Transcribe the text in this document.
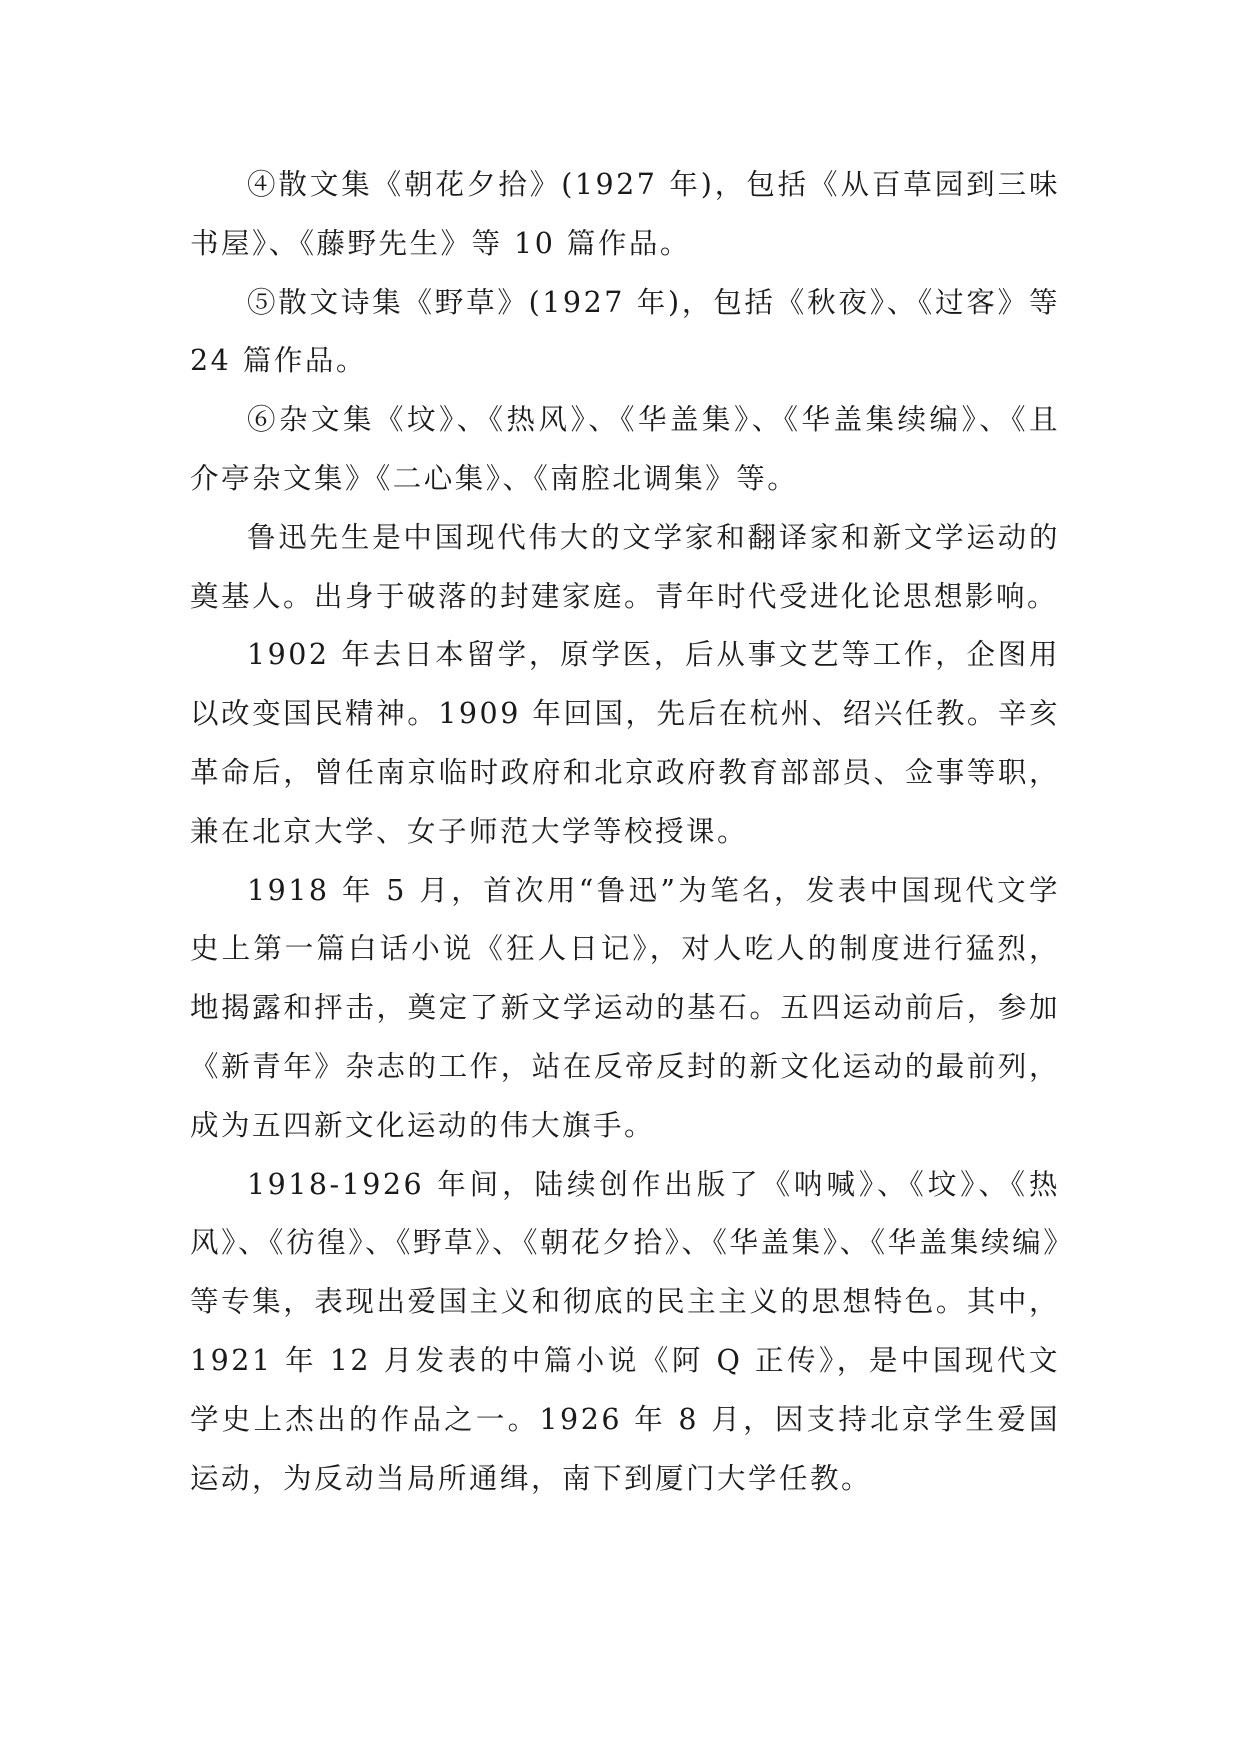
④散文集《朝花夕拾》(1927 年)，包括《从百草园到三味书屋》、《藤野先生》等 10 篇作品。

⑤散文诗集《野草》(1927 年)，包括《秋夜》、《过客》等 24 篇作品。

⑥杂文集《坟》、《热风》、《华盖集》、《华盖集续编》、《且介亭杂文集》《二心集》、《南腔北调集》等。

鲁迅先生是中国现代伟大的文学家和翻译家和新文学运动的奠基人。出身于破落的封建家庭。青年时代受进化论思想影响。

1902 年去日本留学，原学医，后从事文艺等工作，企图用以改变国民精神。1909 年回国，先后在杭州、绍兴任教。辛亥革命后，曾任南京临时政府和北京政府教育部部员、佥事等职，兼在北京大学、女子师范大学等校授课。

1918 年 5 月，首次用“鲁迅”为笔名，发表中国现代文学史上第一篇白话小说《狂人日记》，对人吃人的制度进行猛烈，地揭露和抨击，奠定了新文学运动的基石。五四运动前后，参加《新青年》杂志的工作，站在反帝反封的新文化运动的最前列，成为五四新文化运动的伟大旗手。

1918-1926 年间，陆续创作出版了《呐喊》、《坟》、《热风》、《彷徨》、《野草》、《朝花夕拾》、《华盖集》、《华盖集续编》等专集，表现出爱国主义和彻底的民主主义的思想特色。其中，1921 年 12 月发表的中篇小说《阿 Q 正传》，是中国现代文学史上杰出的作品之一。1926 年 8 月，因支持北京学生爱国运动，为反动当局所通缉，南下到厦门大学任教。
